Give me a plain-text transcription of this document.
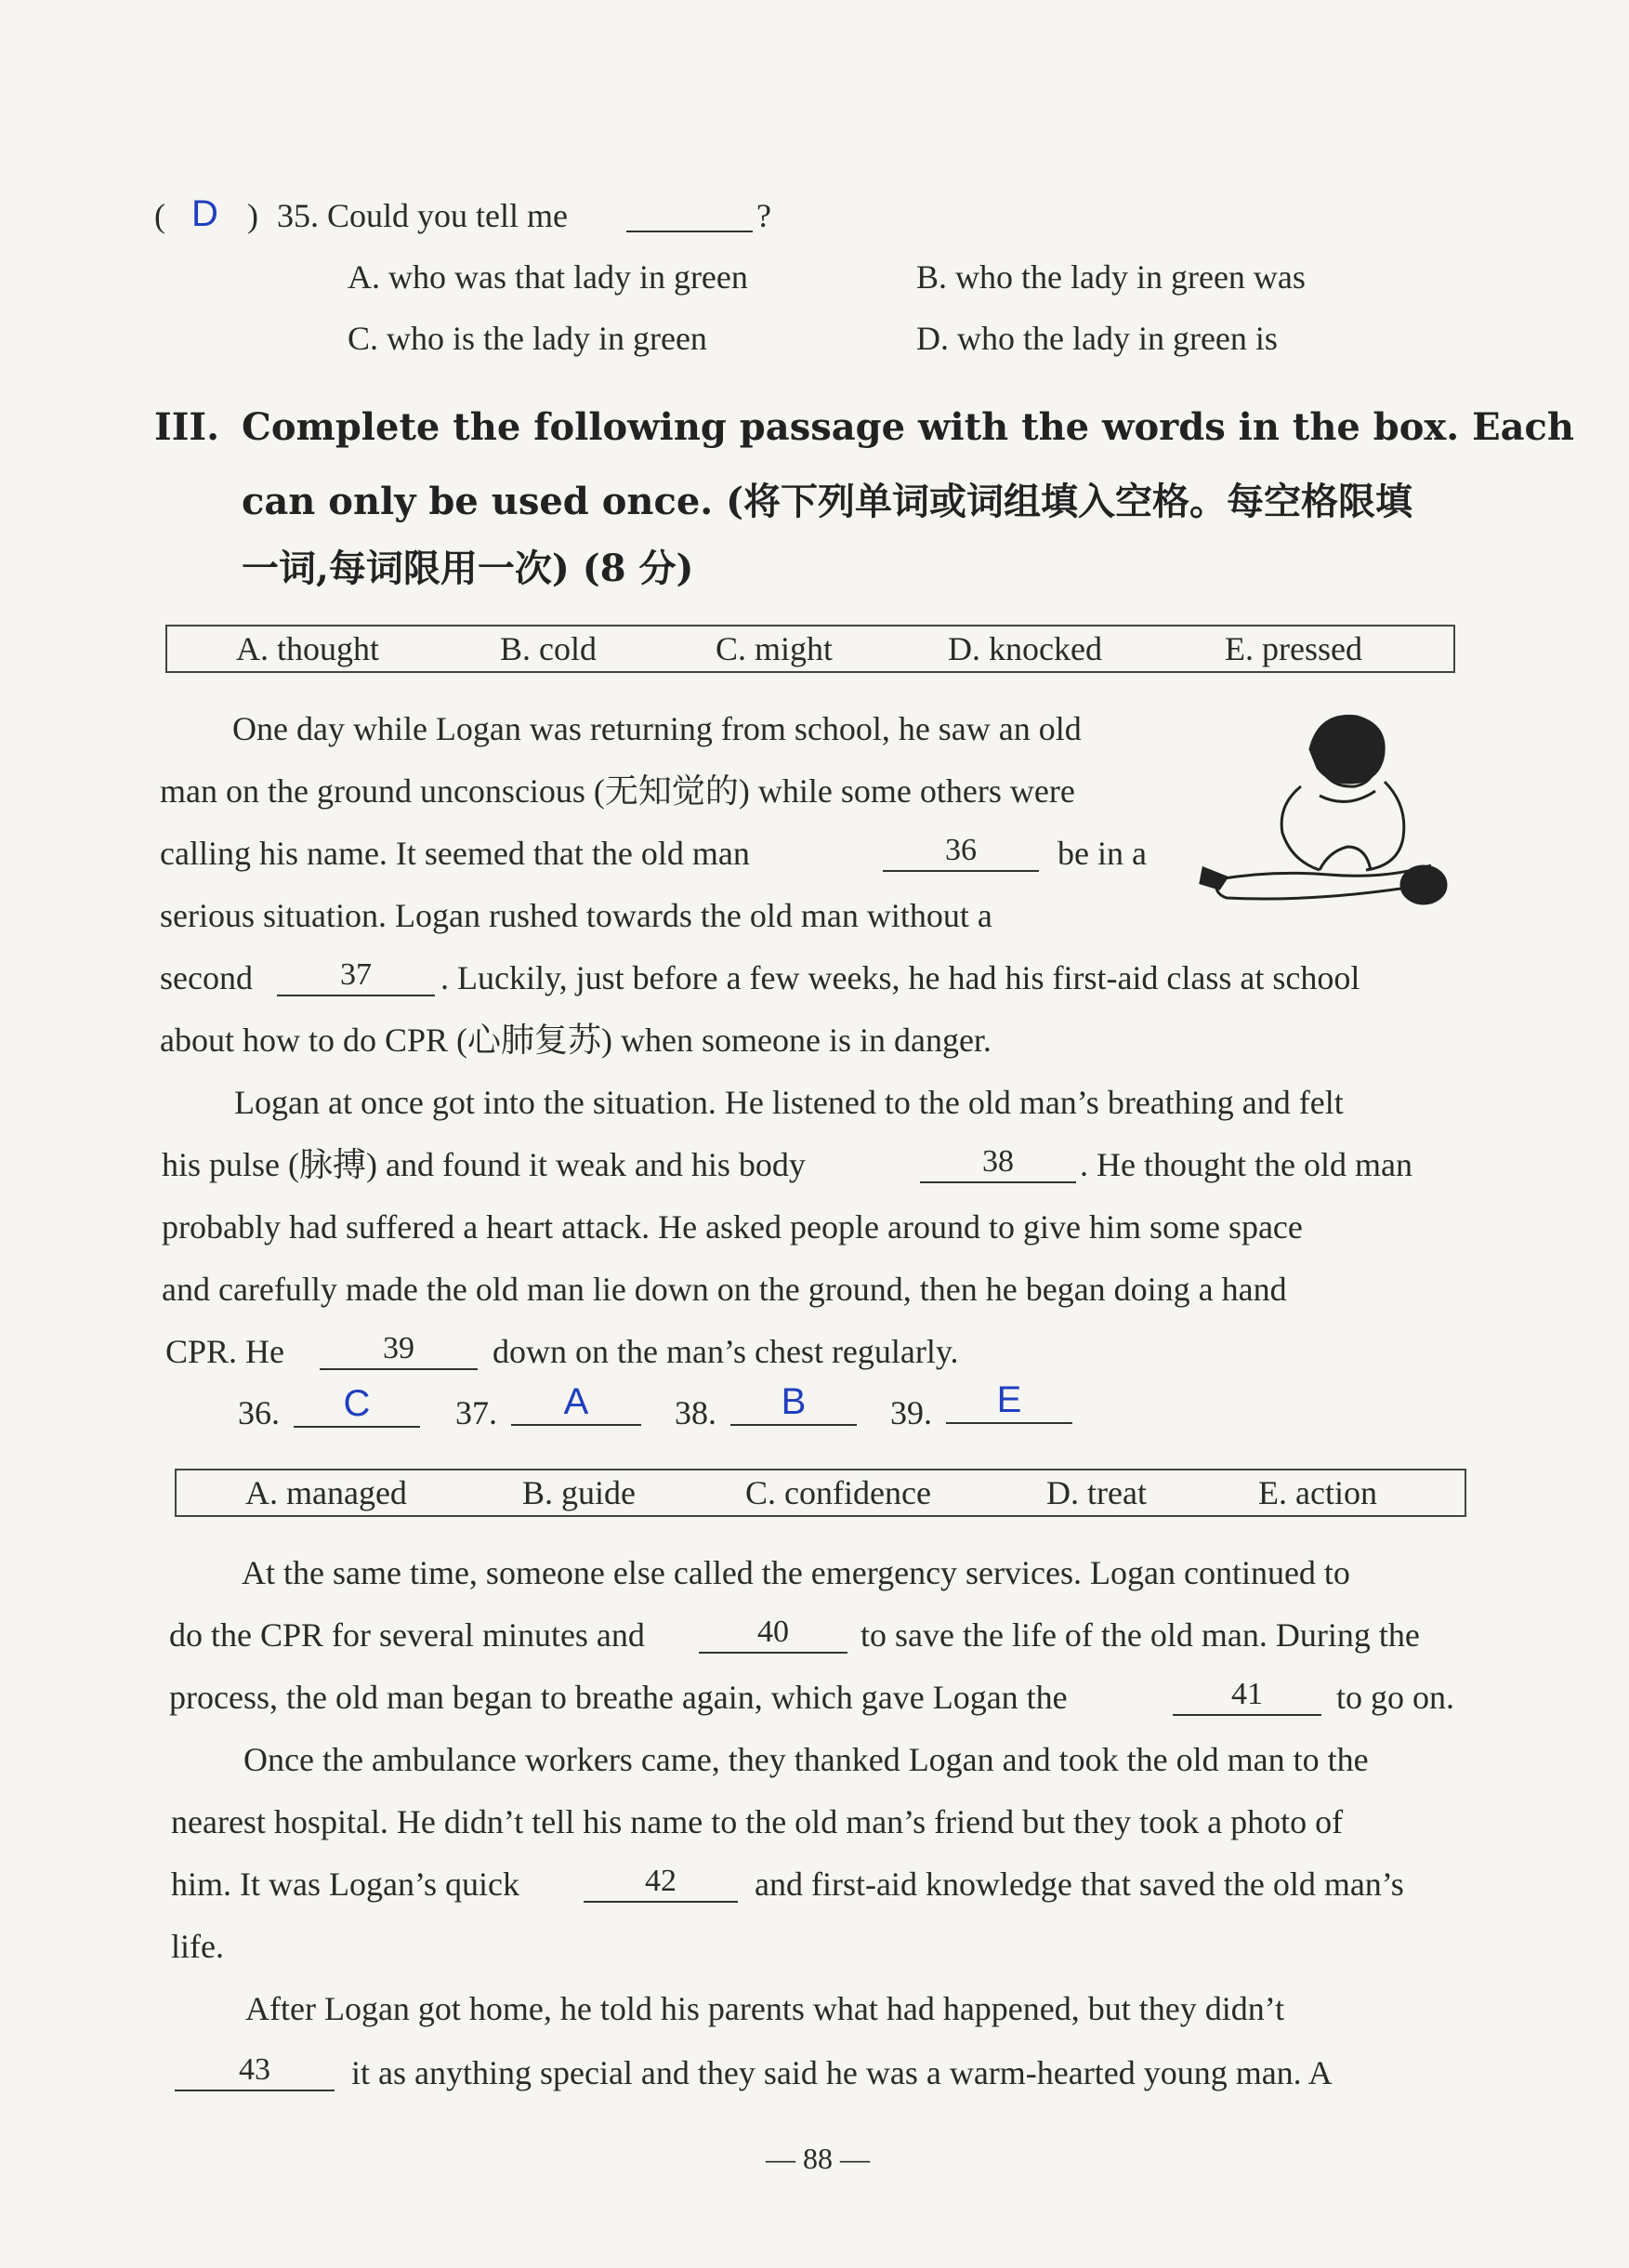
( D ) 35. Could you tell me	?
A. who was that lady in green	B. who the lady in green was
C. who is the lady in green	D. who the lady in green is
III. Complete the following passage with the words in the box. Each
can only be used once. (将下列单词或词组填入空格。每空格限填
一词,每词限用一次) (8 分)
A. thought	B. cold	C. might	D. knocked	E. pressed
One day while Logan was returning from school, he saw an old
man on the ground unconscious (无知觉的) while some others were
calling his name. It seemed that the old man	36	be in a
serious situation. Logan rushed towards the old man without a
second	37	. Luckily, just before a few weeks, he had his first-aid class at school
about how to do CPR (心肺复苏) when someone is in danger.
Logan at once got into the situation. He listened to the old man’s breathing and felt
his pulse (脉搏) and found it weak and his body	38	. He thought the old man
probably had suffered a heart attack. He asked people around to give him some space
and carefully made the old man lie down on the ground, then he began doing a hand
CPR. He	39	down on the man’s chest regularly.
36.	C	37.	A	38.	B	39.	E
A. managed	B. guide	C. confidence	D. treat	E. action
At the same time, someone else called the emergency services. Logan continued to
do the CPR for several minutes and	40	to save the life of the old man. During the
process, the old man began to breathe again, which gave Logan the	41	to go on.
Once the ambulance workers came, they thanked Logan and took the old man to the
nearest hospital. He didn’t tell his name to the old man’s friend but they took a photo of
him. It was Logan’s quick	42	and first-aid knowledge that saved the old man’s
life.
After Logan got home, he told his parents what had happened, but they didn’t
43	it as anything special and they said he was a warm-hearted young man. A
— 88 —
